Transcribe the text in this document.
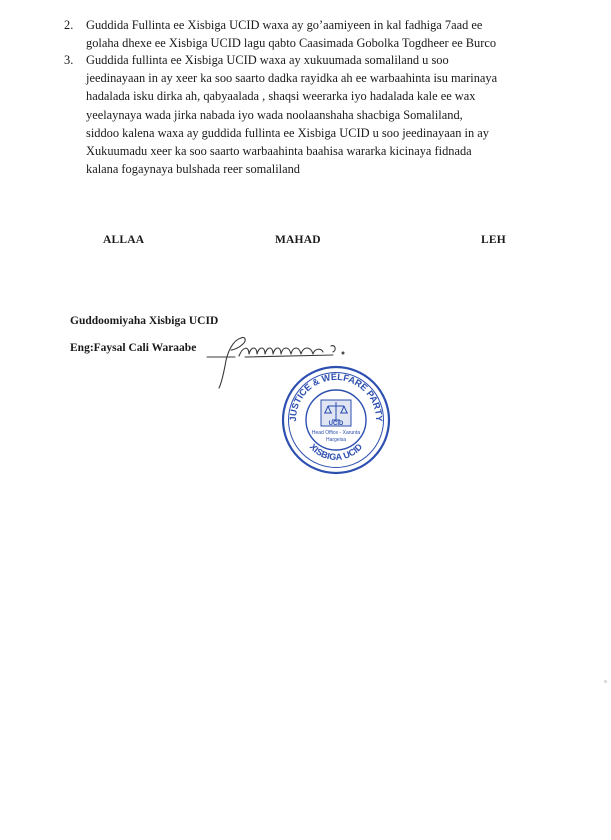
2. Guddida Fullinta ee Xisbiga UCID waxa ay go’aamiyeen in kal fadhiga 7aad ee
golaha dhexe ee Xisbiga UCID lagu qabto Caasimada Gobolka Togdheer ee Burco
3. Guddida fullinta ee Xisbiga UCID waxa ay xukuumada somaliland u soo
jeedinayaan in ay xeer ka soo saarto dadka rayidka ah ee warbaahinta isu marinaya
hadalada isku dirka ah, qabyaalada , shaqsi weerarka iyo hadalada kale ee wax
yeelaynaya wada jirka nabada iyo wada noolaanshaha shacbiga Somaliland,
siddoo kalena waxa ay guddida fullinta ee Xisbiga UCID u soo jeedinayaan in ay
Xukuumadu xeer ka soo saarto warbaahinta baahisa wararka kicinaya fidnada
kalana fogaynaya bulshada reer somaliland
ALLAA	MAHAD	LEH
Guddoomiyaha Xisbiga UCID
Eng:Faysal Cali Waraabe
JUSTICE & WELFARE PARTY
XISBIGA UCID
UCID
Head Office - Xarunta
Hargeisa
